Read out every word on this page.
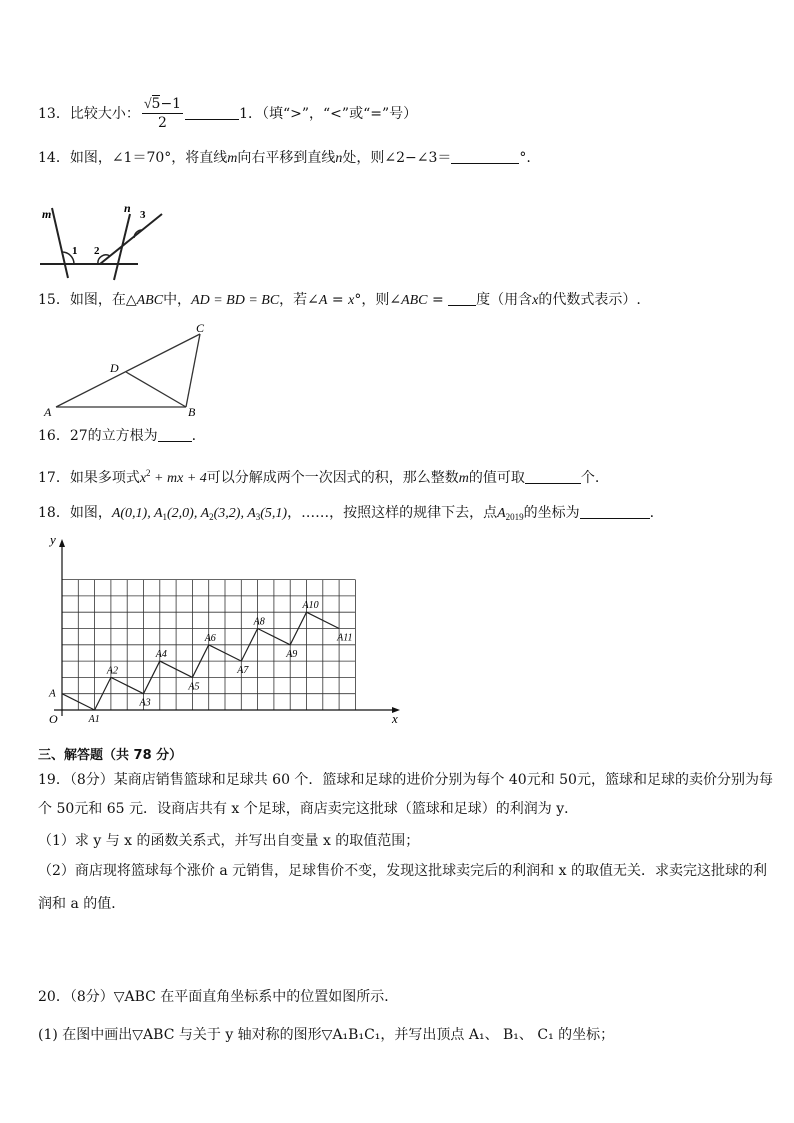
13．比较大小： $\frac{√5-1}{2}$	1．（填“>”，“<”或“=”号）
14．如图，∠1＝70°，将直线m向右平移到直线n处，则∠2−∠3＝	°.
m	n
1 2
3
15．如图，在△ABC中，AD = BD = BC，若∠A = x°，则∠ABC = 度（用含x的代数式表示）.
A	B
C
D
16．27的立方根为 .
17．如果多项式$x^2$ + mx + 4可以分解成两个一次因式的积，那么整数m的值可取	个.
18．如图，A(0,1), $A_1(2,0)$, $A_2(3,2)$, $A_3(5,1)$，……，按照这样的规律下去，点$A_{2019}$的坐标为	.
y
x
O
A
A1
A2
A3
A4
A5
A6
A7
A8
A9
A10
A11
三、解答题（共 78 分）
19．（8分）某商店销售篮球和足球共 60 个．篮球和足球的进价分别为每个 40元和 50元，篮球和足球的卖价分别为每
个 50元和 65 元．设商店共有 x 个足球，商店卖完这批球（篮球和足球）的利润为 y．
（1）求 y 与 x 的函数关系式，并写出自变量 x 的取值范围；
（2）商店现将篮球每个涨价 a 元销售，足球售价不变，发现这批球卖完后的利润和 x 的取值无关．求卖完这批球的利
润和 a 的值．
20．（8分）▽ABC 在平面直角坐标系中的位置如图所示．
(1) 在图中画出▽ABC 与关于 y 轴对称的图形▽A₁B₁C₁，并写出顶点 A₁、 B₁、 C₁ 的坐标；
